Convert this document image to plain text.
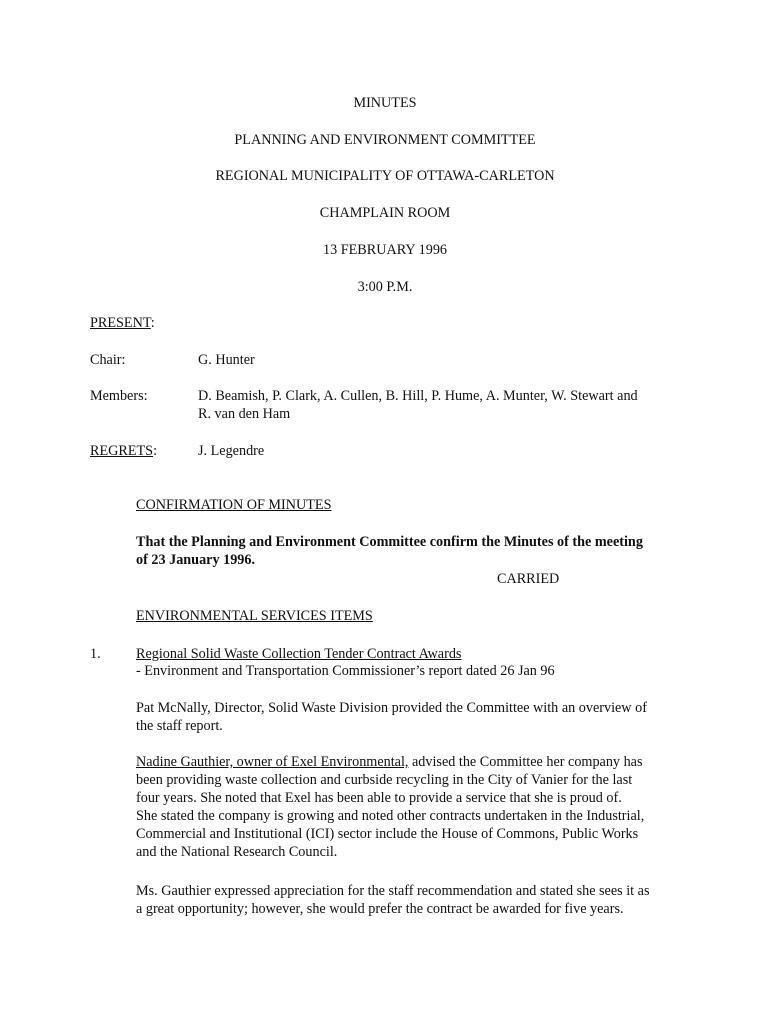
MINUTES
PLANNING AND ENVIRONMENT COMMITTEE
REGIONAL MUNICIPALITY OF OTTAWA-CARLETON
CHAMPLAIN ROOM
13 FEBRUARY 1996
3:00 P.M.
PRESENT:
Chair:	G. Hunter
Members:	D. Beamish, P. Clark, A. Cullen, B. Hill, P. Hume, A. Munter, W. Stewart and
R. van den Ham
REGRETS:	J. Legendre
CONFIRMATION OF MINUTES
That the Planning and Environment Committee confirm the Minutes of the meeting
of 23 January 1996.
CARRIED
ENVIRONMENTAL SERVICES ITEMS
1. Regional Solid Waste Collection Tender Contract Awards
- Environment and Transportation Commissioner’s report dated 26 Jan 96
Pat McNally, Director, Solid Waste Division provided the Committee with an overview of
the staff report.
Nadine Gauthier, owner of Exel Environmental, advised the Committee her company has
been providing waste collection and curbside recycling in the City of Vanier for the last
four years. She noted that Exel has been able to provide a service that she is proud of.
She stated the company is growing and noted other contracts undertaken in the Industrial,
Commercial and Institutional (ICI) sector include the House of Commons, Public Works
and the National Research Council.
Ms. Gauthier expressed appreciation for the staff recommendation and stated she sees it as
a great opportunity; however, she would prefer the contract be awarded for five years.
